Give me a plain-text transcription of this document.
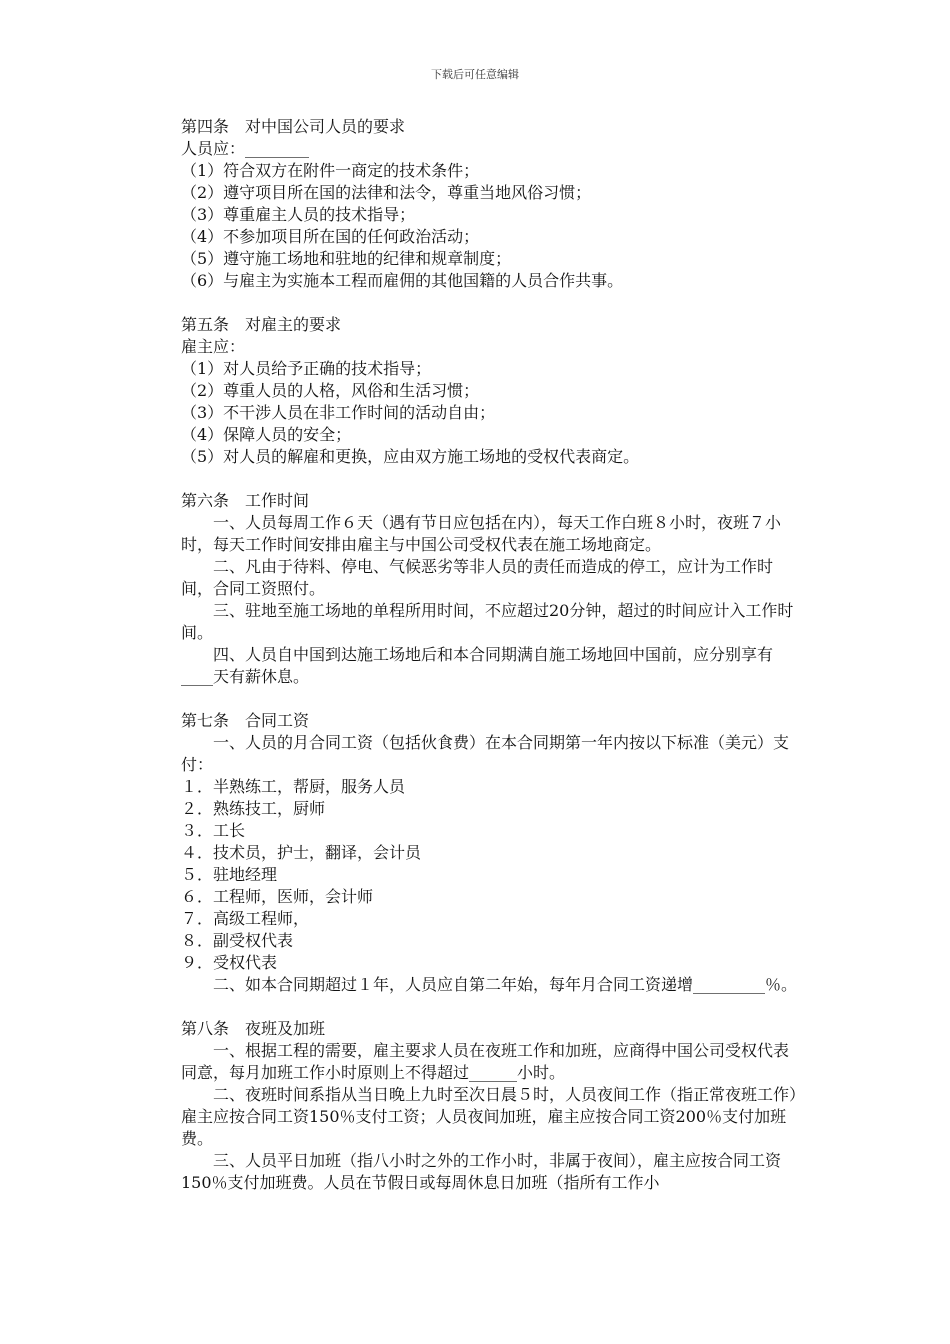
下载后可任意编辑
第四条　对中国公司人员的要求
人员应：________
（1）符合双方在附件一商定的技术条件；
（2）遵守项目所在国的法律和法令，尊重当地风俗习惯；
（3）尊重雇主人员的技术指导；
（4）不参加项目所在国的任何政治活动；
（5）遵守施工场地和驻地的纪律和规章制度；
（6）与雇主为实施本工程而雇佣的其他国籍的人员合作共事。
第五条　对雇主的要求
雇主应：
（1）对人员给予正确的技术指导；
（2）尊重人员的人格，风俗和生活习惯；
（3）不干涉人员在非工作时间的活动自由；
（4）保障人员的安全；
（5）对人员的解雇和更换，应由双方施工场地的受权代表商定。
第六条　工作时间
一、人员每周工作６天（遇有节日应包括在内），每天工作白班８小时，夜班７小时，每天工作时间安排由雇主与中国公司受权代表在施工场地商定。
二、凡由于待料、停电、气候恶劣等非人员的责任而造成的停工，应计为工作时间，合同工资照付。
三、驻地至施工场地的单程所用时间，不应超过20分钟，超过的时间应计入工作时间。
四、人员自中国到达施工场地后和本合同期满自施工场地回中国前，应分别享有____天有薪休息。
第七条　合同工资
一、人员的月合同工资（包括伙食费）在本合同期第一年内按以下标准（美元）支付：
１．半熟练工，帮厨，服务人员
２．熟练技工，厨师
３．工长
４．技术员，护士，翻译，会计员
５．驻地经理
６．工程师，医师，会计师
７．高级工程师，
８．副受权代表
９．受权代表
二、如本合同期超过１年，人员应自第二年始，每年月合同工资递增_________％。
第八条　夜班及加班
一、根据工程的需要，雇主要求人员在夜班工作和加班，应商得中国公司受权代表同意，每月加班工作小时原则上不得超过______小时。
二、夜班时间系指从当日晚上九时至次日晨５时，人员夜间工作（指正常夜班工作）雇主应按合同工资150％支付工资；人员夜间加班，雇主应按合同工资200％支付加班费。
三、人员平日加班（指八小时之外的工作小时，非属于夜间），雇主应按合同工资150％支付加班费。人员在节假日或每周休息日加班（指所有工作小
